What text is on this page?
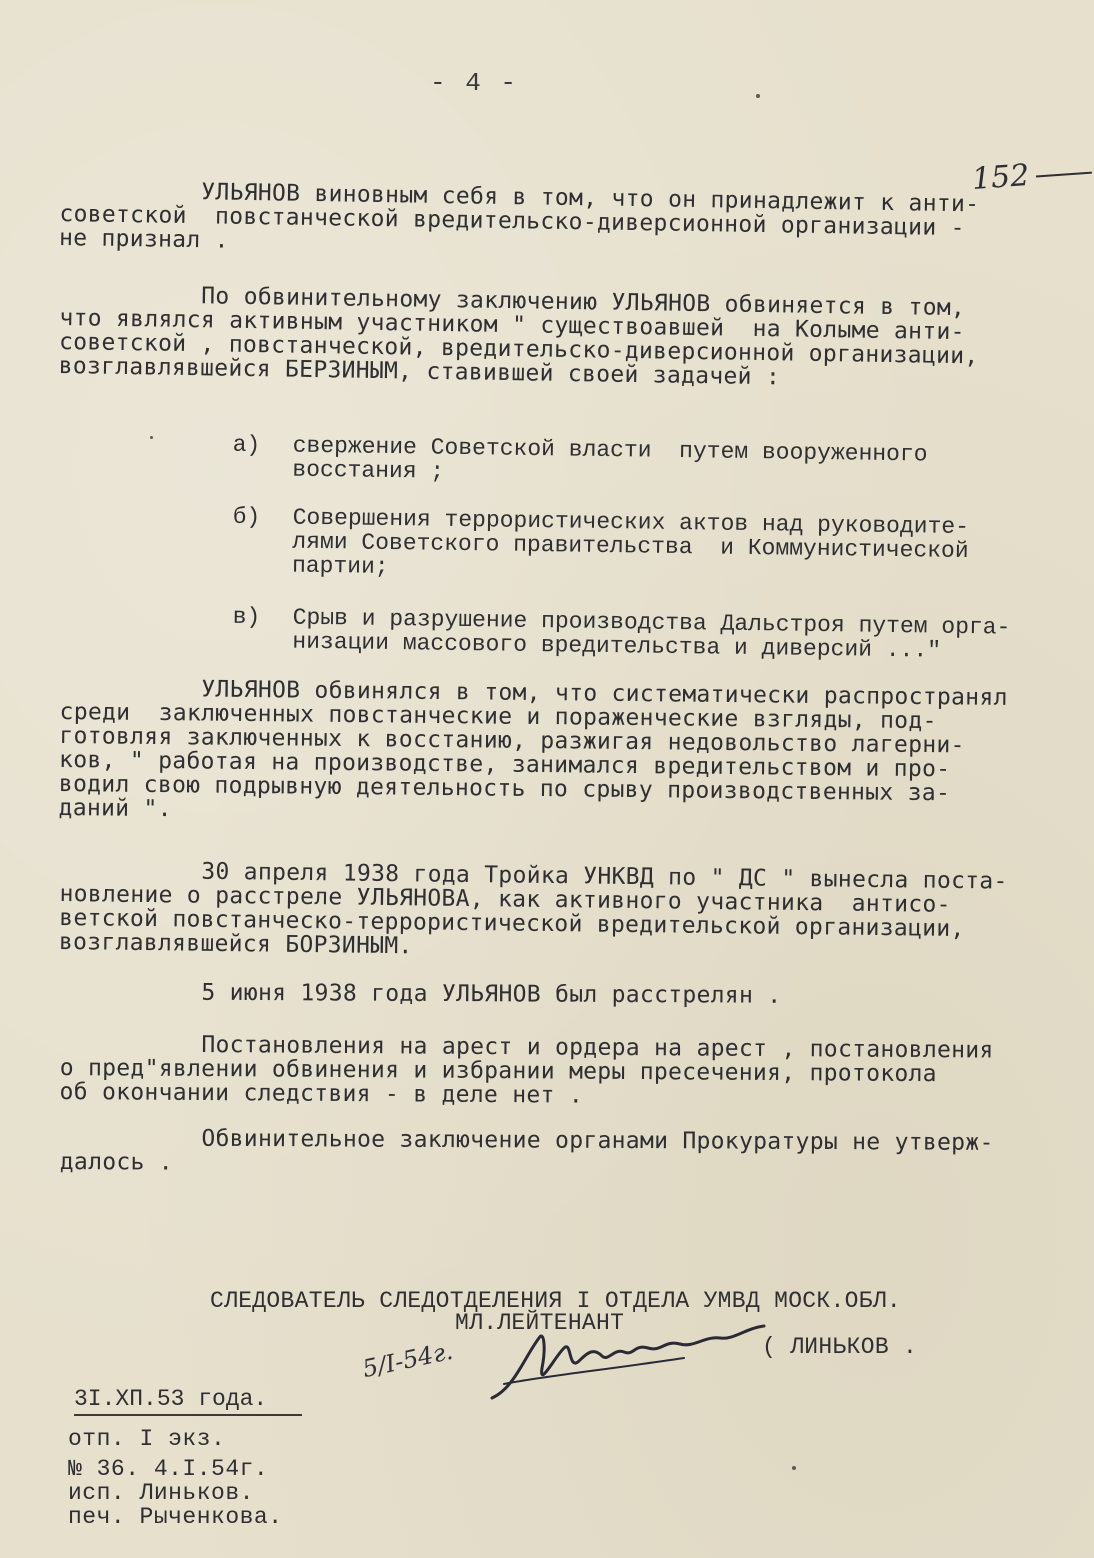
- 4 -
152
УЛЬЯНОВ виновным себя в том, что он принадлежит к анти-
советской  повстанческой вредительско-диверсионной организации -
не признал .
По обвинительному заключению УЛЬЯНОВ обвиняется в том,
что являлся активным участником " существоавшей  на Колыме анти-
советской , повстанческой, вредительско-диверсионной организации,
возглавлявшейся БЕРЗИНЫМ, ставившей своей задачей :

а) свержение Советской власти  путем вооруженного
восстания ;

б) Совершения террористических актов над руководите-
лями Советского правительства  и Коммунистической
партии;

в) Срыв и разрушение производства Дальстроя путем орга-
низации массового вредительства и диверсий ..."

УЛЬЯНОВ обвинялся в том, что систематически распространял
среди  заключенных повстанческие и пораженческие взгляды, под-
готовляя заключенных к восстанию, разжигая недовольство лагерни-
ков, " работая на производстве, занимался вредительством и про-
водил свою подрывную деятельность по срыву производственных за-
даний ".
30 апреля 1938 года Тройка УНКВД по " ДС " вынесла поста-
новление о расстреле УЛЬЯНОВА, как активного участника  антисо-
ветской повстанческо-террористической вредительской организации,
возглавлявшейся БОРЗИНЫМ.
5 июня 1938 года УЛЬЯНОВ был расстрелян .
Постановления на арест и ордера на арест , постановления
о пред"явлении обвинения и избрании меры пресечения, протокола
об окончании следствия - в деле нет .
Обвинительное заключение органами Прокуратуры не утверж-
далось .
СЛЕДОВАТЕЛЬ СЛЕДОТДЕЛЕНИЯ I ОТДЕЛА УМВД МОСК.ОБЛ.
МЛ.ЛЕЙТЕНАНТ
( ЛИНЬКОВ .
5/I-54г.
3I.XП.53 года.
отп. I экз.
№ 36. 4.I.54г.
исп. Линьков.
печ. Рыченкова.
